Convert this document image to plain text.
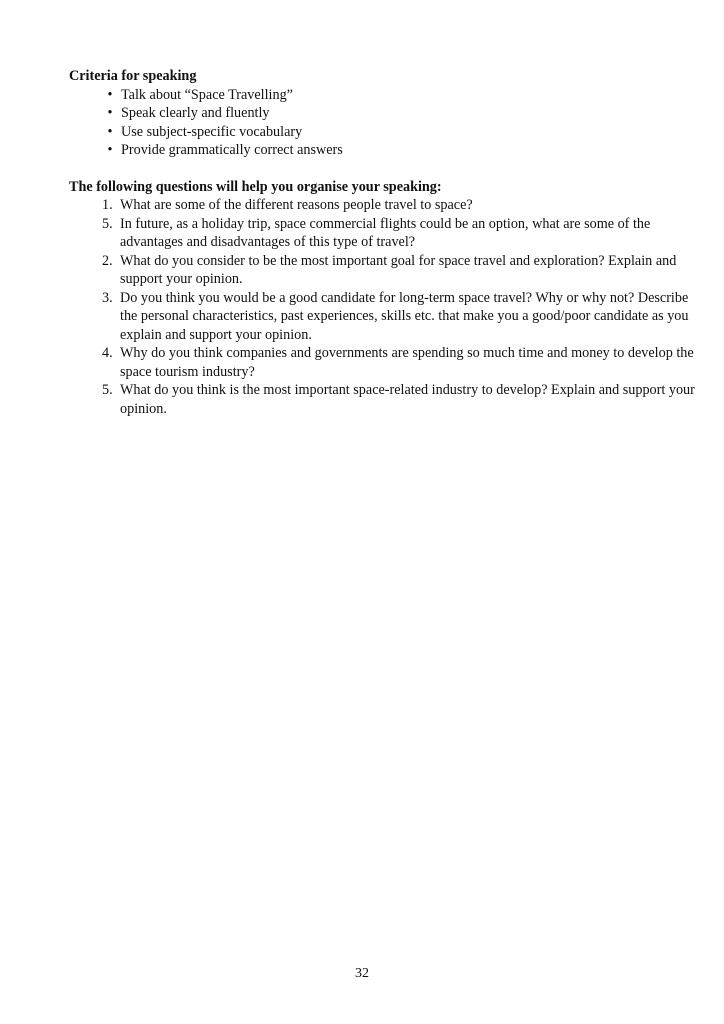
Criteria for speaking

• Talk about “Space Travelling”
• Speak clearly and fluently
• Use subject-specific vocabulary
• Provide grammatically correct answers

The following questions will help you organise your speaking:

1. What are some of the different reasons people travel to space?
5. In future, as a holiday trip, space commercial flights could be an option, what are some of the advantages and disadvantages of this type of travel?
2. What do you consider to be the most important goal for space travel and exploration? Explain and support your opinion.
3. Do you think you would be a good candidate for long-term space travel? Why or why not? Describe the personal characteristics, past experiences, skills etc. that make you a good/poor candidate as you explain and support your opinion.
4. Why do you think companies and governments are spending so much time and money to develop the space tourism industry?
5. What do you think is the most important space-related industry to develop? Explain and support your opinion.
32
